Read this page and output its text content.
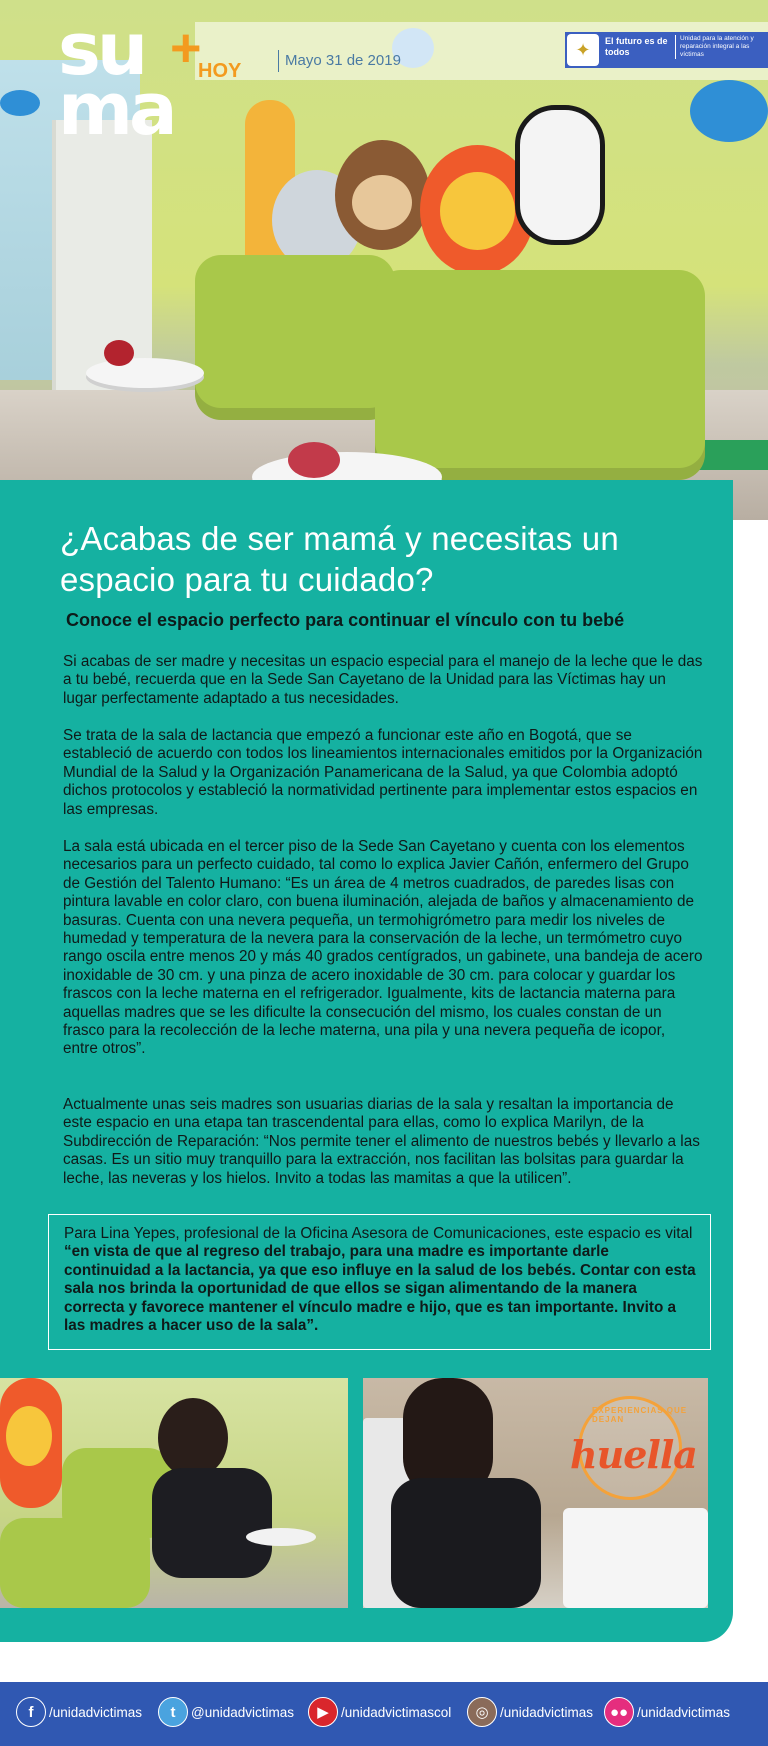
su
ma
+
HOY	Mayo 31 de 2019
✦	El futuro es de todos
Unidad para la atención y reparación integral a las víctimas
¿Acabas de ser mamá y necesitas un espacio para tu cuidado?
Conoce el espacio perfecto para continuar el vínculo con tu bebé

Si acabas de ser madre y necesitas un espacio especial para el manejo de la leche que le das a tu bebé, recuerda que en la Sede San Cayetano de la Unidad para las Víctimas hay un lugar perfectamente adaptado a tus necesidades.

Se trata de la sala de lactancia que empezó a funcionar este año en Bogotá, que se estableció de acuerdo con todos los lineamientos internacionales emitidos por la Organización Mundial de la Salud y la Organización Panamericana de la Salud, ya que Colombia adoptó dichos protocolos y estableció la normatividad pertinente para implementar estos espacios en las empresas.

La sala está ubicada en el tercer piso de la Sede San Cayetano y cuenta con los elementos necesarios para un perfecto cuidado, tal como lo explica Javier Cañón, enfermero del Grupo de Gestión del Talento Humano: “Es un área de 4 metros cuadrados, de paredes lisas con pintura lavable en color claro, con buena iluminación, alejada de baños y almacenamiento de basuras. Cuenta con una nevera pequeña, un termohigrómetro para medir los niveles de humedad y temperatura de la nevera para la conservación de la leche, un termómetro cuyo rango oscila entre menos 20 y más 40 grados centígrados, un gabinete, una bandeja de acero inoxidable de 30 cm. y una pinza de acero inoxidable de 30 cm. para colocar y guardar los frascos con la leche materna en el refrigerador. Igualmente, kits de lactancia materna para aquellas madres que se les dificulte la consecución del mismo, los cuales constan de un frasco para la recolección de la leche materna, una pila y una nevera pequeña de icopor, entre otros”.

Actualmente unas seis madres son usuarias diarias de la sala y resaltan la importancia de este espacio en una etapa tan trascendental para ellas, como lo explica Marilyn, de la Subdirección de Reparación: “Nos permite tener el alimento de nuestros bebés y llevarlo a las casas. Es un sitio muy tranquillo para la extracción, nos facilitan las bolsitas para guardar la leche, las neveras y los hielos. Invito a todas las mamitas a que la utilicen”.

Para Lina Yepes, profesional de la Oficina Asesora de Comunicaciones, este espacio es vital “en vista de que al regreso del trabajo, para una madre es importante darle continuidad a la lactancia, ya que eso influye en la salud de los bebés. Contar con esta sala nos brinda la oportunidad de que ellos se sigan alimentando de la manera correcta y favorece mantener el vínculo madre e hijo, que es tan importante. Invito a las madres a hacer uso de la sala”.
EXPERIENCIAS QUE DEJAN
huella
f	/unidadvictimas	t	@unidadvictimas	▶ /unidadvictimascol	◎ /unidadvictimas	●● /unidadvictimas
